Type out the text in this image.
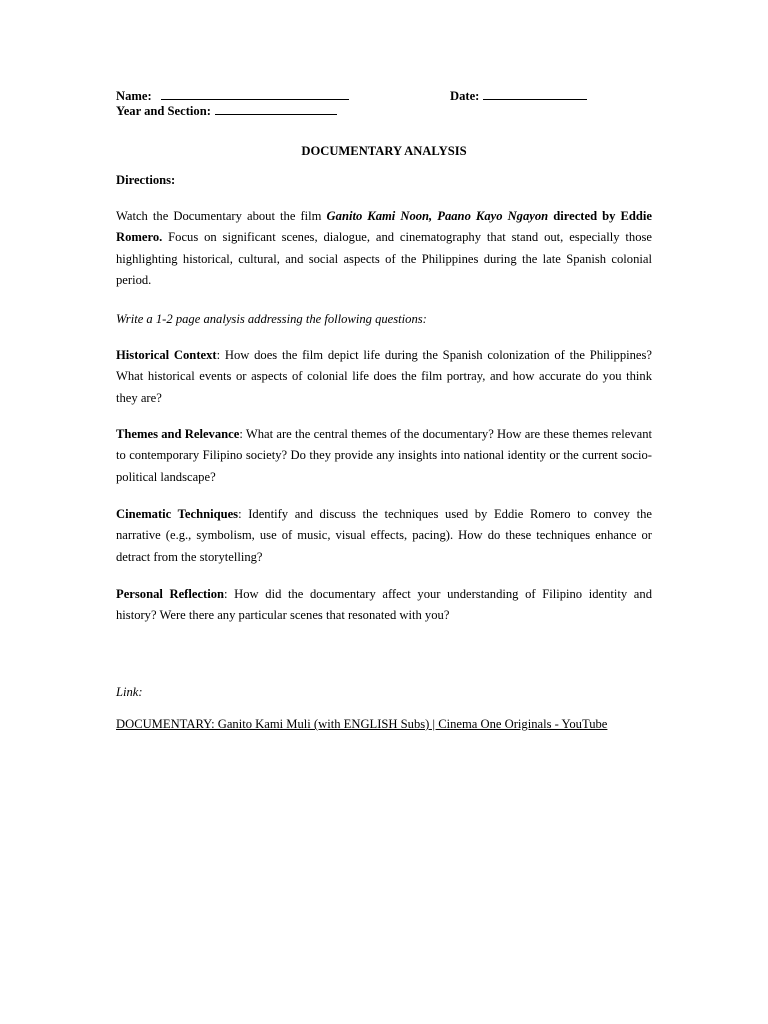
Name:	Date:
Year and Section:
DOCUMENTARY ANALYSIS
Directions:
Watch the Documentary about the film Ganito Kami Noon, Paano Kayo Ngayon directed by Eddie Romero. Focus on significant scenes, dialogue, and cinematography that stand out, especially those highlighting historical, cultural, and social aspects of the Philippines during the late Spanish colonial period.
Write a 1-2 page analysis addressing the following questions:
Historical Context: How does the film depict life during the Spanish colonization of the Philippines? What historical events or aspects of colonial life does the film portray, and how accurate do you think they are?
Themes and Relevance: What are the central themes of the documentary? How are these themes relevant to contemporary Filipino society? Do they provide any insights into national identity or the current socio-political landscape?
Cinematic Techniques: Identify and discuss the techniques used by Eddie Romero to convey the narrative (e.g., symbolism, use of music, visual effects, pacing). How do these techniques enhance or detract from the storytelling?
Personal Reflection: How did the documentary affect your understanding of Filipino identity and history? Were there any particular scenes that resonated with you?
Link:
DOCUMENTARY: Ganito Kami Muli (with ENGLISH Subs) | Cinema One Originals - YouTube
